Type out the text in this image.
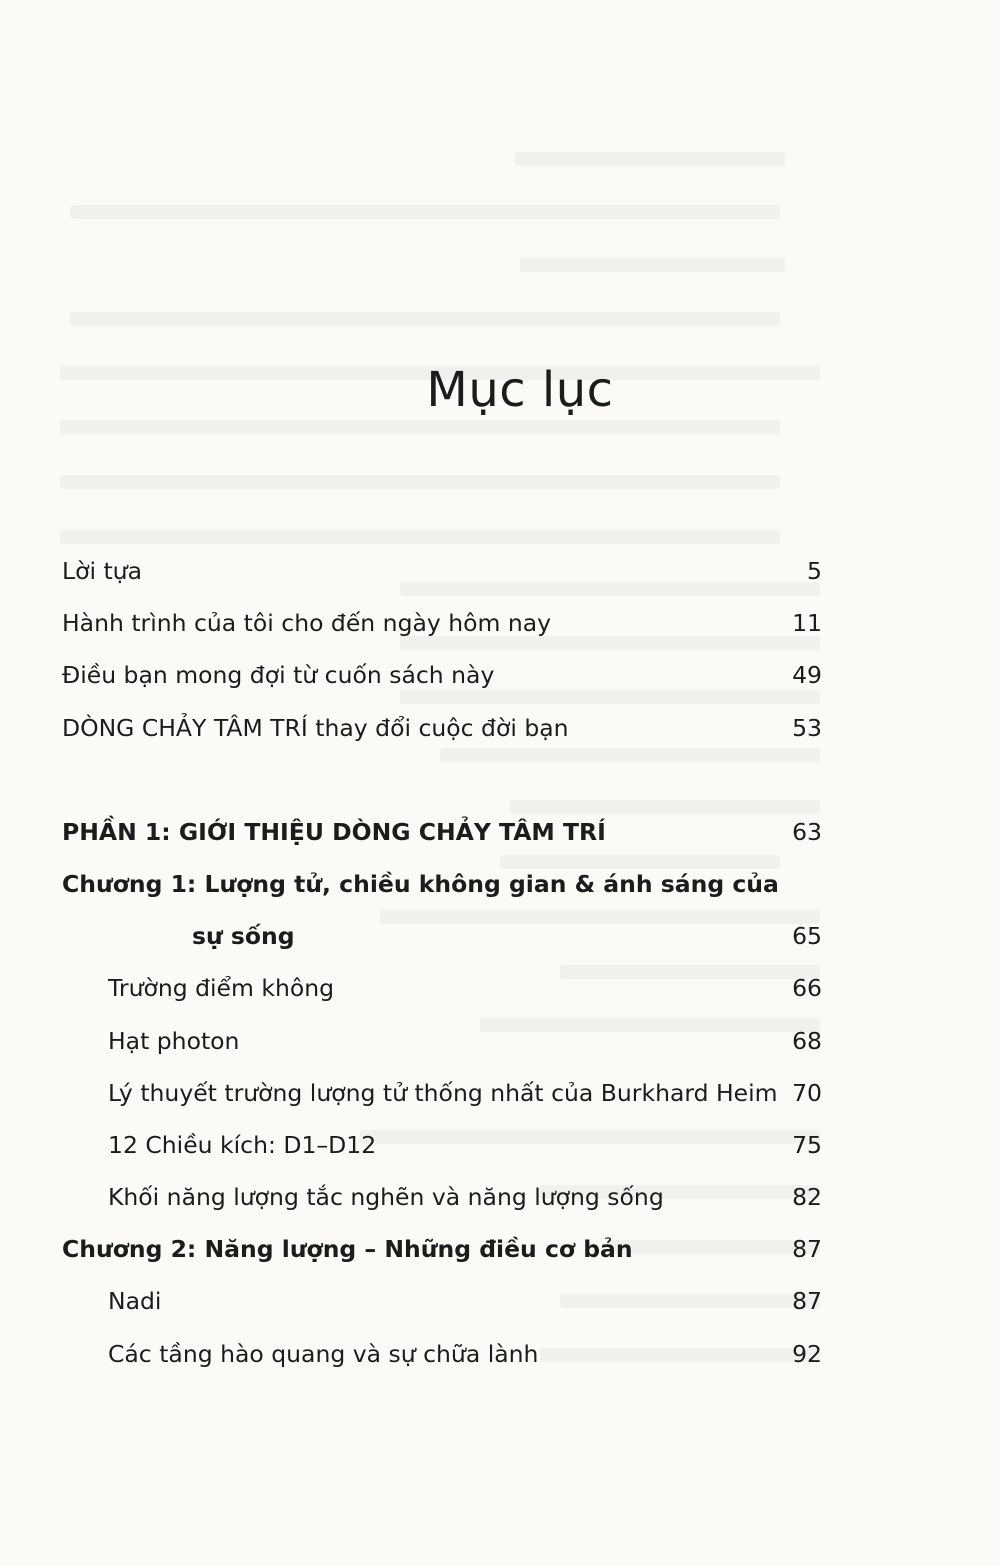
Mục lục
Lời tựa	5
Hành trình của tôi cho đến ngày hôm nay	11
Điều bạn mong đợi từ cuốn sách này	49
DÒNG CHẢY TÂM TRÍ thay đổi cuộc đời bạn	53
PHẦN 1: GIỚI THIỆU DÒNG CHẢY TÂM TRÍ	63
Chương 1: Lượng tử, chiều không gian & ánh sáng của
sự sống	65
Trường điểm không	66
Hạt photon	68
Lý thuyết trường lượng tử thống nhất của Burkhard Heim 70
12 Chiều kích: D1–D12	75
Khối năng lượng tắc nghẽn và năng lượng sống	82
Chương 2: Năng lượng – Những điều cơ bản	87
Nadi	87
Các tầng hào quang và sự chữa lành	92
